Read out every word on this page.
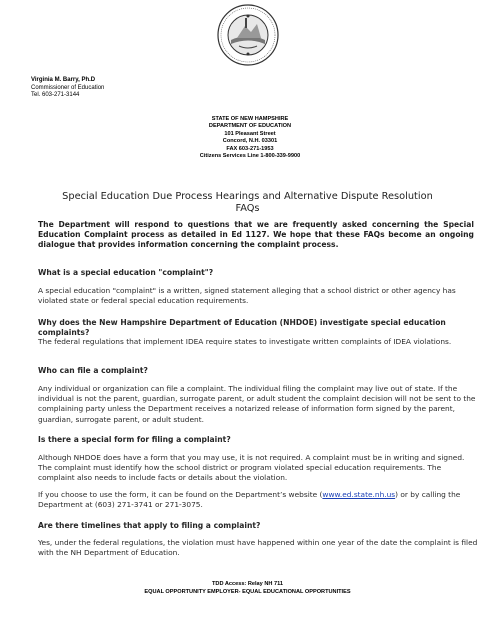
Virginia M. Barry, Ph.D
Commissioner of Education
Tel. 603-271-3144
STATE OF NEW HAMPSHIRE
DEPARTMENT OF EDUCATION
101 Pleasant Street
Concord, N.H. 03301
FAX 603-271-1953
Citizens Services Line 1-800-339-9900
Special Education Due Process Hearings and Alternative Dispute Resolution
FAQs
The Department will respond to questions that we are frequently asked concerning the Special Education Complaint process as detailed in Ed 1127. We hope that these FAQs become an ongoing dialogue that provides information concerning the complaint process.
What is a special education "complaint"?
A special education "complaint" is a written, signed statement alleging that a school district or other agency has violated state or federal special education requirements.
Why does the New Hampshire Department of Education (NHDOE) investigate special education complaints?
The federal regulations that implement IDEA require states to investigate written complaints of IDEA violations.
Who can file a complaint?
Any individual or organization can file a complaint. The individual filing the complaint may live out of state. If the individual is not the parent, guardian, surrogate parent, or adult student the complaint decision will not be sent to the complaining party unless the Department receives a notarized release of information form signed by the parent, guardian, surrogate parent, or adult student.
Is there a special form for filing a complaint?
Although NHDOE does have a form that you may use, it is not required. A complaint must be in writing and signed. The complaint must identify how the school district or program violated special education requirements. The complaint also needs to include facts or details about the violation.
If you choose to use the form, it can be found on the Department’s website (www.ed.state.nh.us) or by calling the Department at (603) 271-3741 or 271-3075.
Are there timelines that apply to filing a complaint?
Yes, under the federal regulations, the violation must have happened within one year of the date the complaint is filed with the NH Department of Education.
TDD Access: Relay NH 711
EQUAL OPPORTUNITY EMPLOYER- EQUAL EDUCATIONAL OPPORTUNITIES
